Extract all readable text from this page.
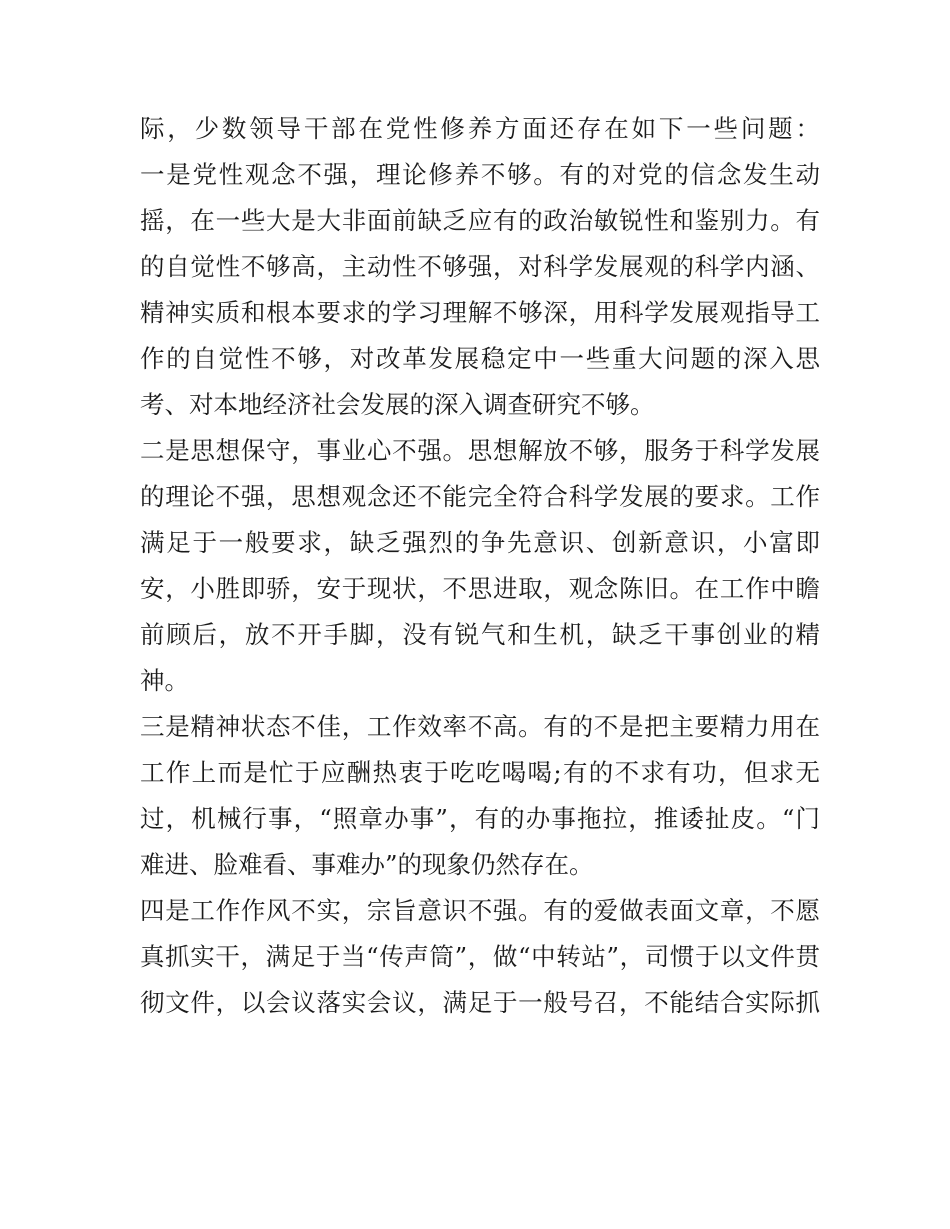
际，少数领导干部在党性修养方面还存在如下一些问题：
一是党性观念不强，理论修养不够。有的对党的信念发生动
摇，在一些大是大非面前缺乏应有的政治敏锐性和鉴别力。有
的自觉性不够高，主动性不够强，对科学发展观的科学内涵、
精神实质和根本要求的学习理解不够深，用科学发展观指导工
作的自觉性不够，对改革发展稳定中一些重大问题的深入思
考、对本地经济社会发展的深入调查研究不够。
二是思想保守，事业心不强。思想解放不够，服务于科学发展
的理论不强，思想观念还不能完全符合科学发展的要求。工作
满足于一般要求，缺乏强烈的争先意识、创新意识，小富即
安，小胜即骄，安于现状，不思进取，观念陈旧。在工作中瞻
前顾后，放不开手脚，没有锐气和生机，缺乏干事创业的精
神。
三是精神状态不佳，工作效率不高。有的不是把主要精力用在
工作上而是忙于应酬热衷于吃吃喝喝;有的不求有功，但求无
过，机械行事，“照章办事”，有的办事拖拉，推诿扯皮。“门
难进、脸难看、事难办”的现象仍然存在。
四是工作作风不实，宗旨意识不强。有的爱做表面文章，不愿
真抓实干，满足于当“传声筒”，做“中转站”，司惯于以文件贯
彻文件，以会议落实会议，满足于一般号召，不能结合实际抓
